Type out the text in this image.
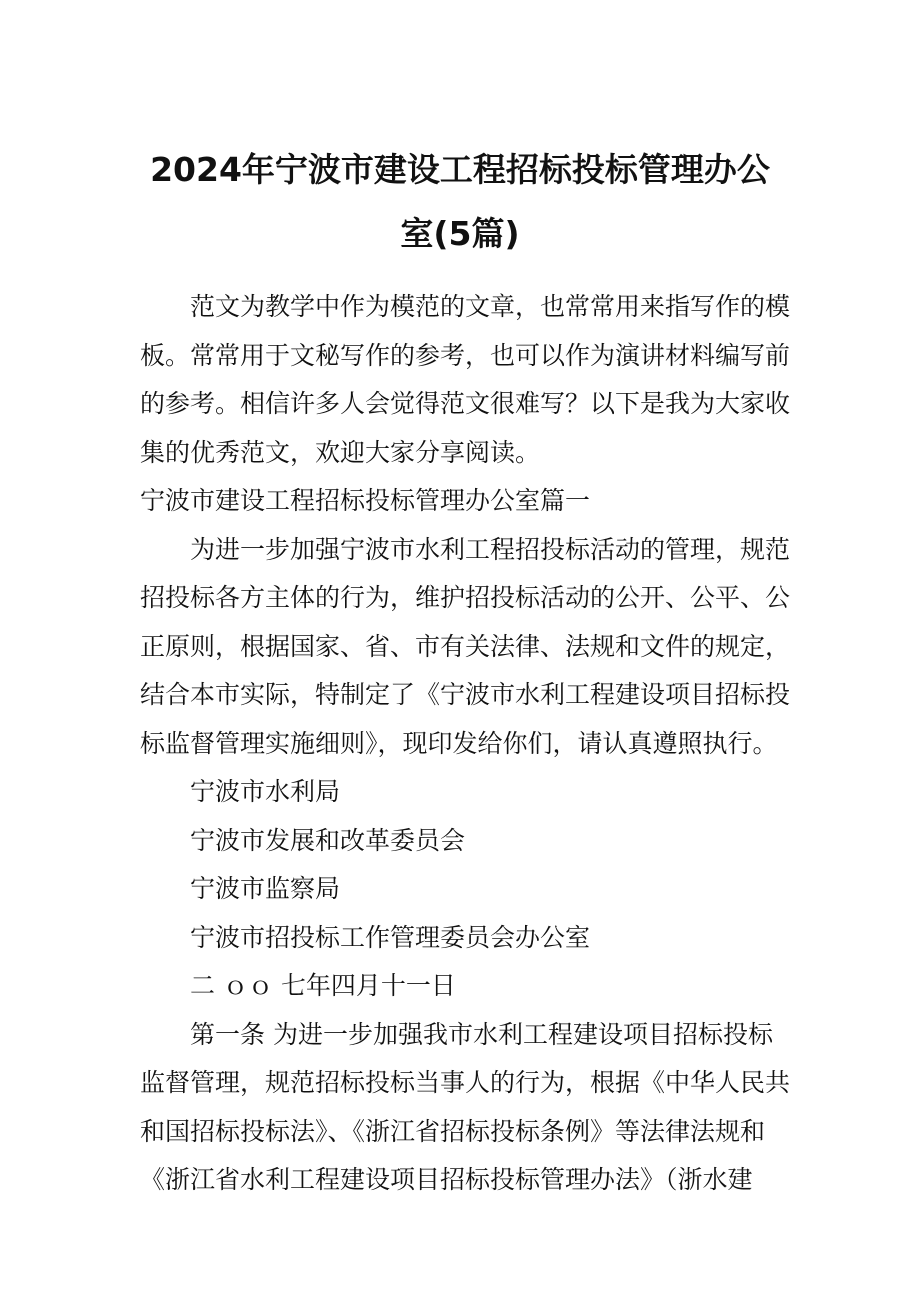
2024年宁波市建设工程招标投标管理办公
室(5篇)

范文为教学中作为模范的文章，也常常用来指写作的模
板。常常用于文秘写作的参考，也可以作为演讲材料编写前
的参考。相信许多人会觉得范文很难写？以下是我为大家收
集的优秀范文，欢迎大家分享阅读。

宁波市建设工程招标投标管理办公室篇一

为进一步加强宁波市水利工程招投标活动的管理，规范
招投标各方主体的行为，维护招投标活动的公开、公平、公
正原则，根据国家、省、市有关法律、法规和文件的规定，
结合本市实际，特制定了《宁波市水利工程建设项目招标投
标监督管理实施细则》，现印发给你们，请认真遵照执行。

宁波市水利局

宁波市发展和改革委员会

宁波市监察局

宁波市招投标工作管理委员会办公室

二 ｏｏ 七年四月十一日

第一条 为进一步加强我市水利工程建设项目招标投标
监督管理，规范招标投标当事人的行为，根据《中华人民共
和国招标投标法》、《浙江省招标投标条例》等法律法规和
《浙江省水利工程建设项目招标投标管理办法》（浙水建
